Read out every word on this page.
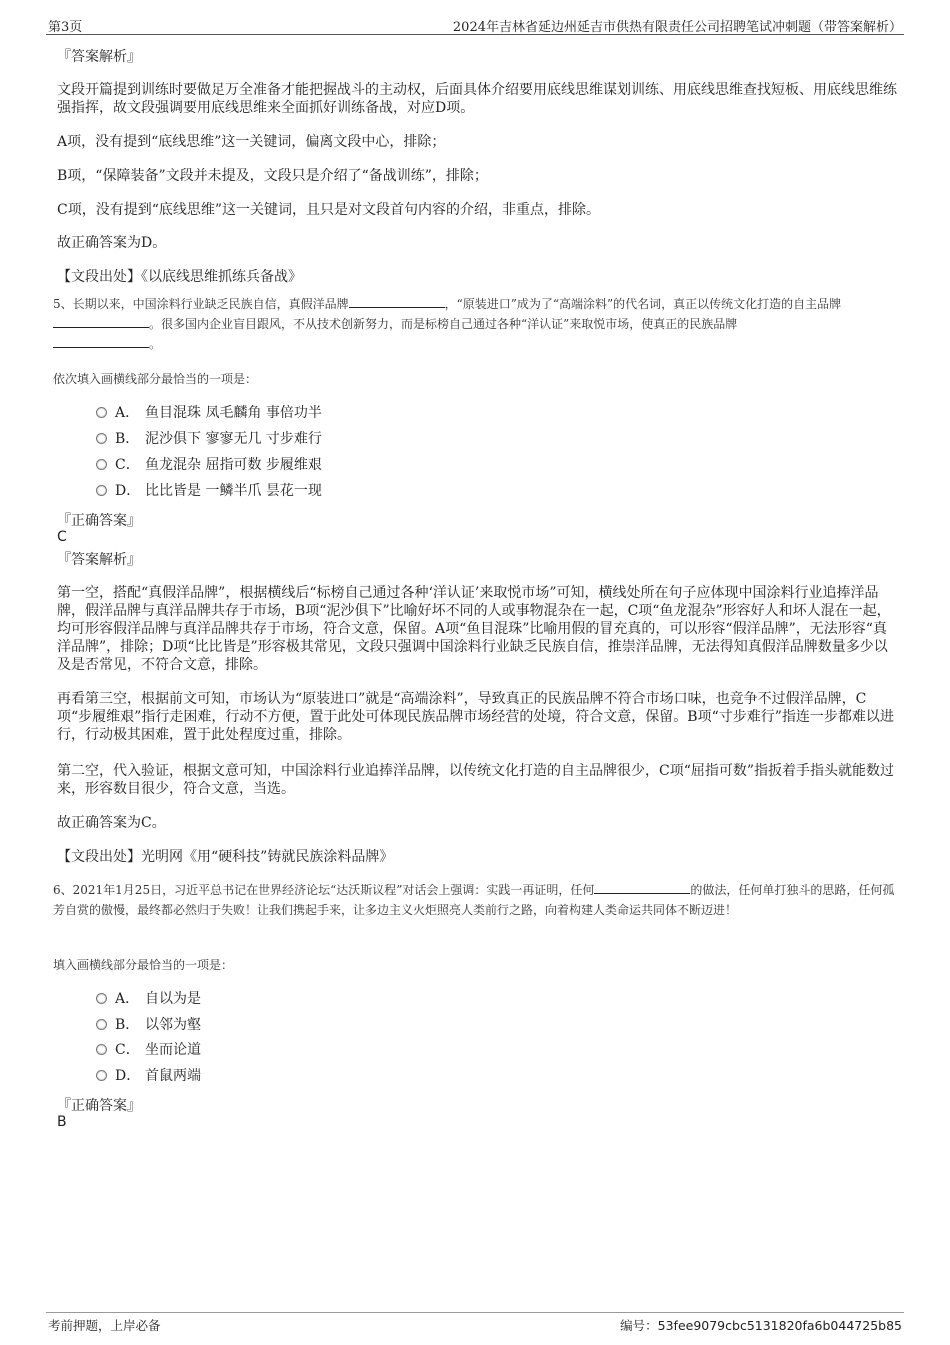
第3页	2024年吉林省延边州延吉市供热有限责任公司招聘笔试冲刺题（带答案解析）

『答案解析』

文段开篇提到训练时要做足万全准备才能把握战斗的主动权，后面具体介绍要用底线思维谋划训练、用底线思维查找短板、用底线思维练强指挥，故文段强调要用底线思维来全面抓好训练备战，对应D项。

A项，没有提到“底线思维”这一关键词，偏离文段中心，排除；

B项，“保障装备”文段并未提及，文段只是介绍了“备战训练”，排除；

C项，没有提到“底线思维”这一关键词，且只是对文段首句内容的介绍，非重点，排除。

故正确答案为D。

【文段出处】《以底线思维抓练兵备战》

5、长期以来，中国涂料行业缺乏民族自信，真假洋品牌	，“原装进口”成为了“高端涂料”的代名词，真正以传统文化打造的自主品牌。很多国内企业盲目跟风，不从技术创新努力，而是标榜自己通过各种“洋认证”来取悦市场，使真正的民族品牌
。

依次填入画横线部分最恰当的一项是：

A． 鱼目混珠 凤毛麟角 事倍功半
B． 泥沙俱下 寥寥无几 寸步难行
C． 鱼龙混杂 屈指可数 步履维艰
D． 比比皆是 一鳞半爪 昙花一现

『正确答案』

C

『答案解析』

第一空，搭配“真假洋品牌”，根据横线后“标榜自己通过各种‘洋认证’来取悦市场”可知，横线处所在句子应体现中国涂料行业追捧洋品牌，假洋品牌与真洋品牌共存于市场，B项“泥沙俱下”比喻好坏不同的人或事物混杂在一起，C项“鱼龙混杂”形容好人和坏人混在一起，均可形容假洋品牌与真洋品牌共存于市场，符合文意，保留。A项“鱼目混珠”比喻用假的冒充真的，可以形容“假洋品牌”，无法形容“真洋品牌”，排除；D项“比比皆是”形容极其常见，文段只强调中国涂料行业缺乏民族自信，推崇洋品牌，无法得知真假洋品牌数量多少以及是否常见，不符合文意，排除。

再看第三空，根据前文可知，市场认为“原装进口”就是“高端涂料”，导致真正的民族品牌不符合市场口味，也竞争不过假洋品牌，C项“步履维艰”指行走困难，行动不方便，置于此处可体现民族品牌市场经营的处境，符合文意，保留。B项“寸步难行”指连一步都难以进行，行动极其困难，置于此处程度过重，排除。

第二空，代入验证，根据文意可知，中国涂料行业追捧洋品牌，以传统文化打造的自主品牌很少，C项“屈指可数”指扳着手指头就能数过来，形容数目很少，符合文意，当选。

故正确答案为C。

【文段出处】光明网《用“硬科技”铸就民族涂料品牌》

6、2021年1月25日，习近平总书记在世界经济论坛“达沃斯议程”对话会上强调：实践一再证明，任何	的做法，任何单打独斗的思路，任何孤芳自赏的傲慢，最终都必然归于失败！让我们携起手来，让多边主义火炬照亮人类前行之路，向着构建人类命运共同体不断迈进！

填入画横线部分最恰当的一项是：

A． 自以为是
B． 以邻为壑
C． 坐而论道
D． 首鼠两端

『正确答案』

B
考前押题，上岸必备	编号：53fee9079cbc5131820fa6b044725b85
